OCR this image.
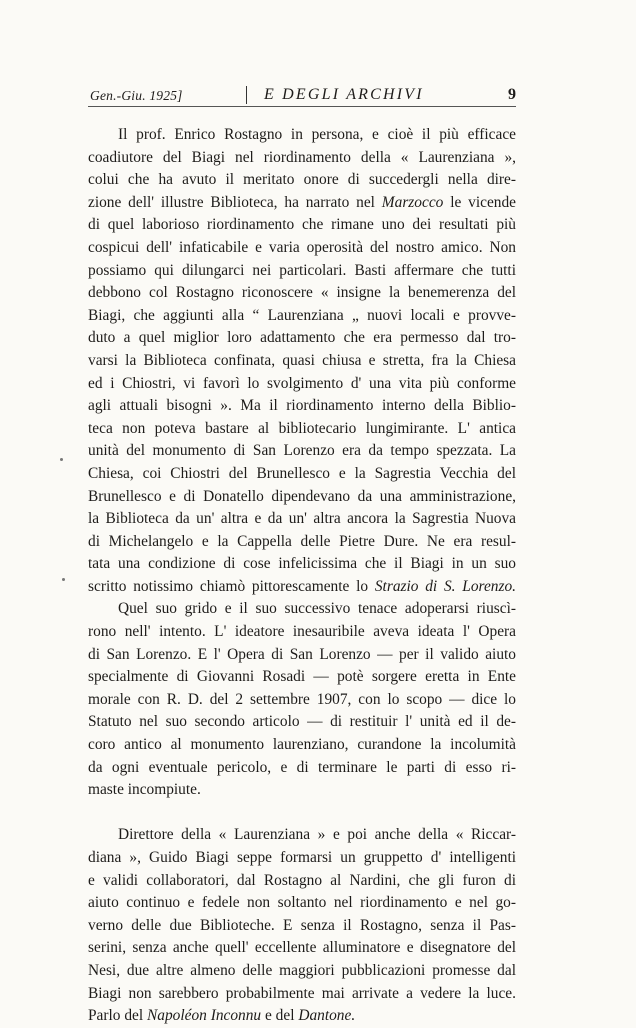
Gen.-Giu. 1925]	E DEGLI ARCHIVI	9
Il prof. Enrico Rostagno in persona, e cioè il più efficace
coadiutore del Biagi nel riordinamento della « Laurenziana »,
colui che ha avuto il meritato onore di succedergli nella dire-
zione dell' illustre Biblioteca, ha narrato nel Marzocco le vicende
di quel laborioso riordinamento che rimane uno dei resultati più
cospicui dell' infaticabile e varia operosità del nostro amico. Non
possiamo qui dilungarci nei particolari. Basti affermare che tutti
debbono col Rostagno riconoscere « insigne la benemerenza del
Biagi, che aggiunti alla “ Laurenziana „ nuovi locali e provve-
duto a quel miglior loro adattamento che era permesso dal tro-
varsi la Biblioteca confinata, quasi chiusa e stretta, fra la Chiesa
ed i Chiostri, vi favorì lo svolgimento d' una vita più conforme
agli attuali bisogni ». Ma il riordinamento interno della Biblio-
teca non poteva bastare al bibliotecario lungimirante. L' antica
unità del monumento di San Lorenzo era da tempo spezzata. La
Chiesa, coi Chiostri del Brunellesco e la Sagrestia Vecchia del
Brunellesco e di Donatello dipendevano da una amministrazione,
la Biblioteca da un' altra e da un' altra ancora la Sagrestia Nuova
di Michelangelo e la Cappella delle Pietre Dure. Ne era resul-
tata una condizione di cose infelicissima che il Biagi in un suo
scritto notissimo chiamò pittorescamente lo Strazio di S. Lorenzo.
Quel suo grido e il suo successivo tenace adoperarsi riuscì-
rono nell' intento. L' ideatore inesauribile aveva ideata l' Opera
di San Lorenzo. E l' Opera di San Lorenzo — per il valido aiuto
specialmente di Giovanni Rosadi — potè sorgere eretta in Ente
morale con R. D. del 2 settembre 1907, con lo scopo — dice lo
Statuto nel suo secondo articolo — di restituir l' unità ed il de-
coro antico al monumento laurenziano, curandone la incolumità
da ogni eventuale pericolo, e di terminare le parti di esso ri-
maste incompiute.
Direttore della « Laurenziana » e poi anche della « Riccar-
diana », Guido Biagi seppe formarsi un gruppetto d' intelligenti
e validi collaboratori, dal Rostagno al Nardini, che gli furon di
aiuto continuo e fedele non soltanto nel riordinamento e nel go-
verno delle due Biblioteche. E senza il Rostagno, senza il Pas-
serini, senza anche quell' eccellente alluminatore e disegnatore del
Nesi, due altre almeno delle maggiori pubblicazioni promesse dal
Biagi non sarebbero probabilmente mai arrivate a vedere la luce.
Parlo del Napoléon Inconnu e del Dantone.
